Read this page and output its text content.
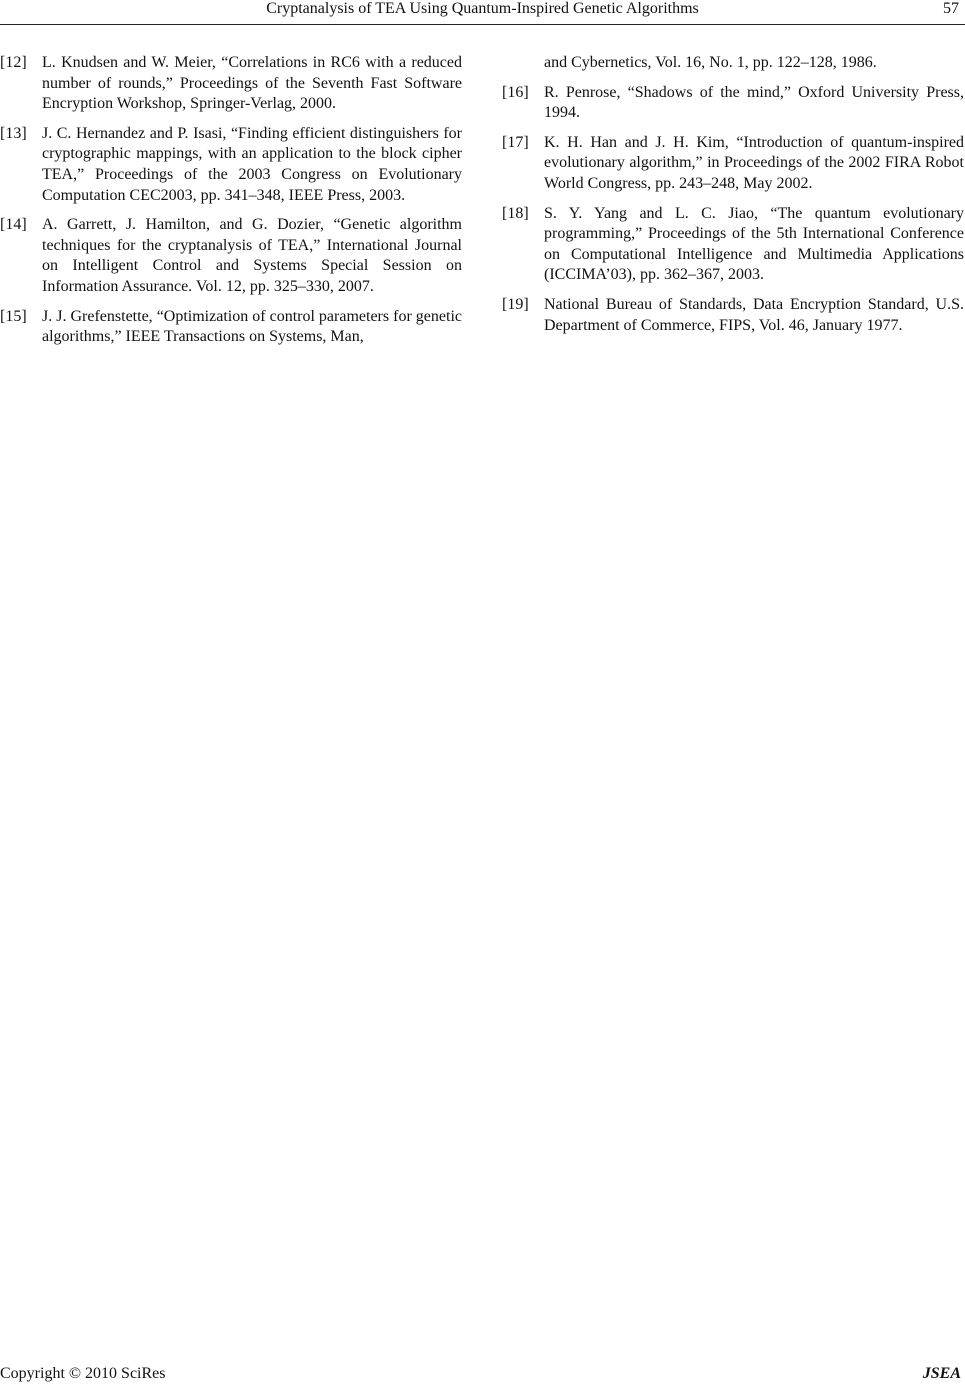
Cryptanalysis of TEA Using Quantum-Inspired Genetic Algorithms	57
[12] L. Knudsen and W. Meier, “Correlations in RC6 with a reduced number of rounds,” Proceedings of the Seventh Fast Software Encryption Workshop, Springer-Verlag, 2000.
[13] J. C. Hernandez and P. Isasi, “Finding efficient distinguishers for cryptographic mappings, with an application to the block cipher TEA,” Proceedings of the 2003 Congress on Evolutionary Computation CEC2003, pp. 341–348, IEEE Press, 2003.
[14] A. Garrett, J. Hamilton, and G. Dozier, “Genetic algorithm techniques for the cryptanalysis of TEA,” International Journal on Intelligent Control and Systems Special Session on Information Assurance. Vol. 12, pp. 325–330, 2007.
[15] J. J. Grefenstette, “Optimization of control parameters for genetic algorithms,” IEEE Transactions on Systems, Man,
and Cybernetics, Vol. 16, No. 1, pp. 122–128, 1986.
[16] R. Penrose, “Shadows of the mind,” Oxford University Press, 1994.
[17] K. H. Han and J. H. Kim, “Introduction of quantum-inspired evolutionary algorithm,” in Proceedings of the 2002 FIRA Robot World Congress, pp. 243–248, May 2002.
[18] S. Y. Yang and L. C. Jiao, “The quantum evolutionary programming,” Proceedings of the 5th International Conference on Computational Intelligence and Multimedia Applications (ICCIMA’03), pp. 362–367, 2003.
[19] National Bureau of Standards, Data Encryption Standard, U.S. Department of Commerce, FIPS, Vol. 46, January 1977.
Copyright © 2010 SciRes	JSEA
